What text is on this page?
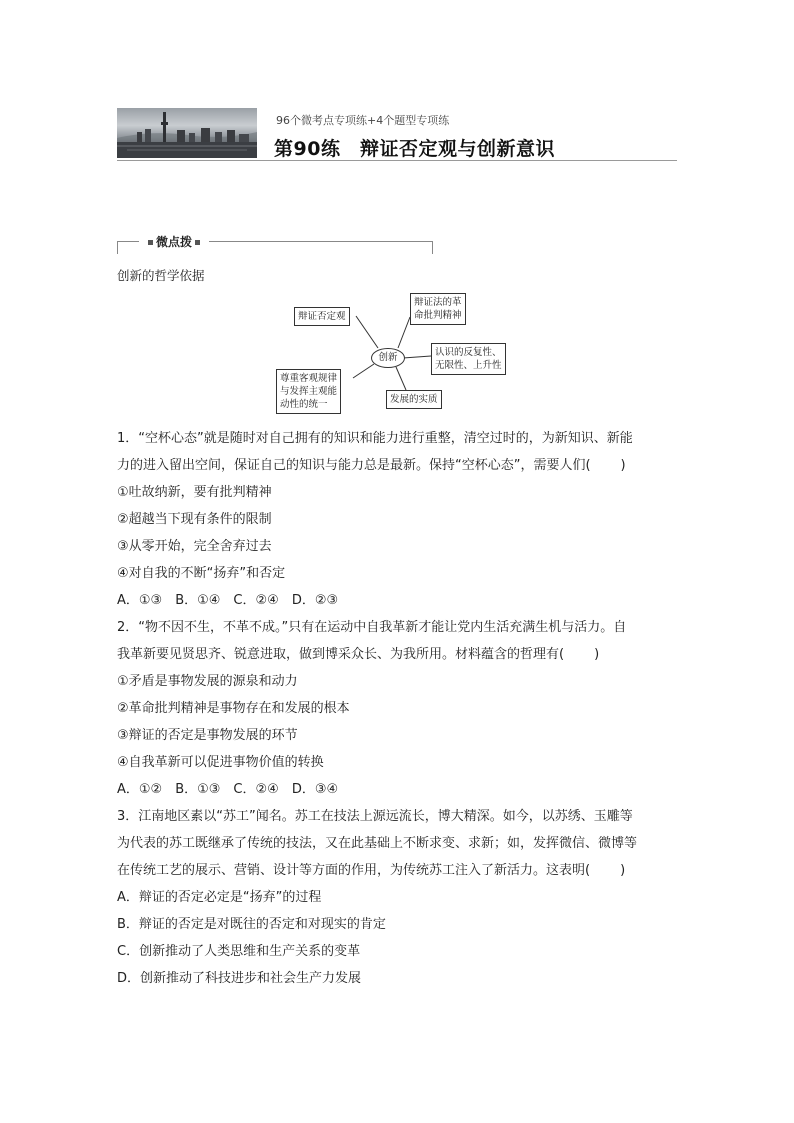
96个微考点专项练+4个题型专项练
第90练　辩证否定观与创新意识
微点拨
创新的哲学依据
创新
辩证否定观
辩证法的革
命批判精神
认识的反复性、
无限性、上升性
发展的实质
尊重客观规律
与发挥主观能
动性的统一
1．“空杯心态”就是随时对自己拥有的知识和能力进行重整，清空过时的，为新知识、新能
力的进入留出空间，保证自己的知识与能力总是最新。保持“空杯心态”，需要人们( )
①吐故纳新，要有批判精神
②超越当下现有条件的限制
③从零开始，完全舍弃过去
④对自我的不断“扬弃”和否定
A．①③　B．①④　C．②④　D．②③
2．“物不因不生，不革不成。”只有在运动中自我革新才能让党内生活充满生机与活力。自
我革新要见贤思齐、锐意进取，做到博采众长、为我所用。材料蕴含的哲理有( )
①矛盾是事物发展的源泉和动力
②革命批判精神是事物存在和发展的根本
③辩证的否定是事物发展的环节
④自我革新可以促进事物价值的转换
A．①②　B．①③　C．②④　D．③④
3．江南地区素以“苏工”闻名。苏工在技法上源远流长，博大精深。如今，以苏绣、玉雕等
为代表的苏工既继承了传统的技法，又在此基础上不断求变、求新；如，发挥微信、微博等
在传统工艺的展示、营销、设计等方面的作用，为传统苏工注入了新活力。这表明( )
A．辩证的否定必定是“扬弃”的过程
B．辩证的否定是对既往的否定和对现实的肯定
C．创新推动了人类思维和生产关系的变革
D．创新推动了科技进步和社会生产力发展
